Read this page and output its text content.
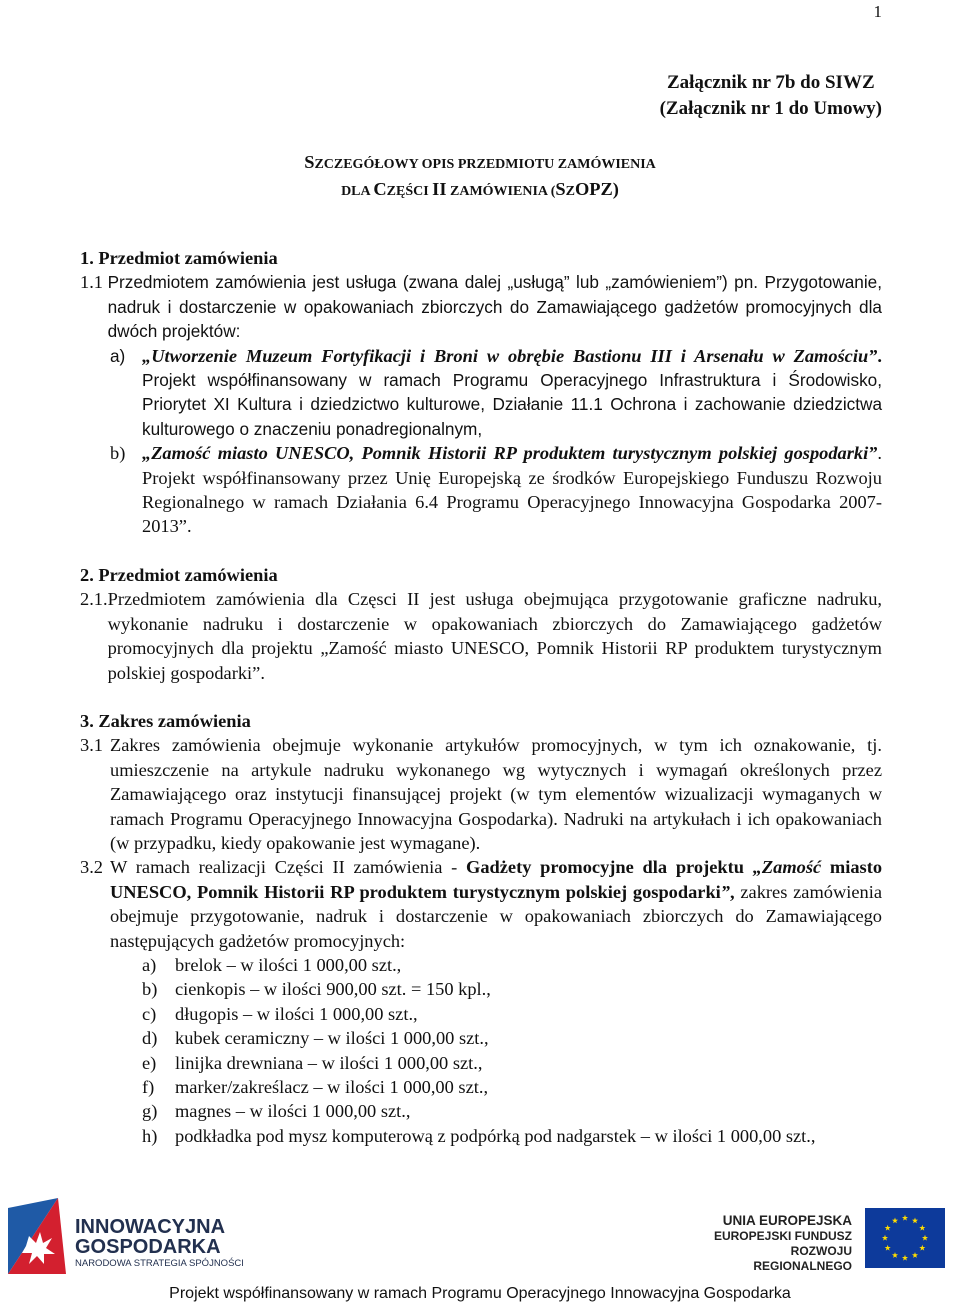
1
Załącznik nr 7b do SIWZ
(Załącznik nr 1 do Umowy)
SZCZEGÓŁOWY OPIS PRZEDMIOTU ZAMÓWIENIA
DLA CZĘŚCI II ZAMÓWIENIA (SZOPZ)
1. Przedmiot zamówienia
1.1 Przedmiotem zamówienia jest usługa (zwana dalej „usługą” lub „zamówieniem”) pn. Przygotowanie, nadruk i dostarczenie w opakowaniach zbiorczych do Zamawiającego gadżetów promocyjnych dla dwóch projektów:
a) „Utworzenie Muzeum Fortyfikacji i Broni w obrębie Bastionu III i Arsenału w Zamościu”. Projekt współfinansowany w ramach Programu Operacyjnego Infrastruktura i Środowisko, Priorytet XI Kultura i dziedzictwo kulturowe, Działanie 11.1 Ochrona i zachowanie dziedzictwa kulturowego o znaczeniu ponadregionalnym,
b) „Zamość miasto UNESCO, Pomnik Historii RP produktem turystycznym polskiej gospodarki”. Projekt współfinansowany przez Unię Europejską ze środków Europejskiego Funduszu Rozwoju Regionalnego w ramach Działania 6.4 Programu Operacyjnego Innowacyjna Gospodarka 2007-2013”.
2. Przedmiot zamówienia
2.1. Przedmiotem zamówienia dla Częsci II jest usługa obejmująca przygotowanie graficzne nadruku, wykonanie nadruku i dostarczenie w opakowaniach zbiorczych do Zamawiającego gadżetów promocyjnych dla projektu „Zamość miasto UNESCO, Pomnik Historii RP produktem turystycznym polskiej gospodarki”.
3. Zakres zamówienia
3.1 Zakres zamówienia obejmuje wykonanie artykułów promocyjnych, w tym ich oznakowanie, tj. umieszczenie na artykule nadruku wykonanego wg wytycznych i wymagań określonych przez Zamawiającego oraz instytucji finansującej projekt (w tym elementów wizualizacji wymaganych w ramach Programu Operacyjnego Innowacyjna Gospodarka). Nadruki na artykułach i ich opakowaniach (w przypadku, kiedy opakowanie jest wymagane).
3.2 W ramach realizacji Części II zamówienia - Gadżety promocyjne dla projektu „Zamość miasto UNESCO, Pomnik Historii RP produktem turystycznym polskiej gospodarki”, zakres zamówienia obejmuje przygotowanie, nadruk i dostarczenie w opakowaniach zbiorczych do Zamawiającego następujących gadżetów promocyjnych:
a)	brelok – w ilości 1 000,00 szt.,
b) cienkopis – w ilości 900,00 szt. = 150 kpl.,
c)	długopis – w ilości 1 000,00 szt.,
d) kubek ceramiczny – w ilości 1 000,00 szt.,
e)	linijka drewniana – w ilości 1 000,00 szt.,
f)	marker/zakreślacz – w ilości 1 000,00 szt.,
g) magnes – w ilości 1 000,00 szt.,
h) podkładka pod mysz komputerową z podpórką pod nadgarstek – w ilości 1 000,00 szt.,
INNOWACYJNA
GOSPODARKA
NARODOWA STRATEGIA SPÓJNOŚCI
UNIA EUROPEJSKA
EUROPEJSKI FUNDUSZ
ROZWOJU REGIONALNEGO
Projekt współfinansowany w ramach Programu Operacyjnego Innowacyjna Gospodarka
